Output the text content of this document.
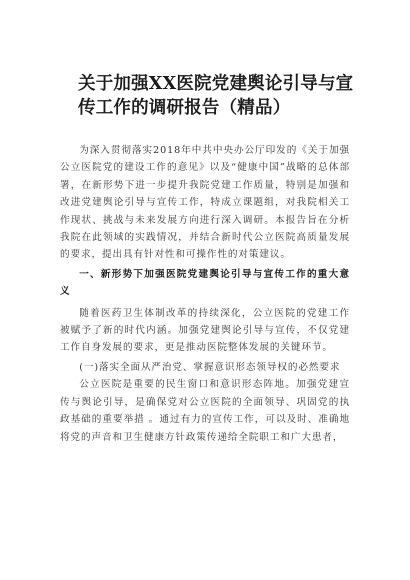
关于加强XX医院党建舆论引导与宣
传工作的调研报告（精品）

为深入贯彻落实2018年中共中央办公厅印发的《关于加强公立医院党的建设工作的意见》以及“健康中国”战略的总体部署，在新形势下进一步提升我院党建工作质量，特别是加强和改进党建舆论引导与宣传工作，特成立课题组，对我院相关工作现状、挑战与未来发展方向进行深入调研。本报告旨在分析我院在此领域的实践情况，并结合新时代公立医院高质量发展的要求，提出具有针对性和可操作性的对策建议。

一、新形势下加强医院党建舆论引导与宣传工作的重大意义

随着医药卫生体制改革的持续深化，公立医院的党建工作被赋予了新的时代内涵。加强党建舆论引导与宣传，不仅党建工作自身发展的要求，更是推动医院整体发展的关键环节。

(一)落实全面从严治党、掌握意识形态领导权的必然要求

公立医院是重要的民生窗口和意识形态阵地。加强党建宣传与舆论引导，是确保党对公立医院的全面领导、巩固党的执政基础的重要举措 。通过有力的宣传工作，可以及时、准确地将党的声音和卫生健康方针政策传递给全院职工和广大患者，
